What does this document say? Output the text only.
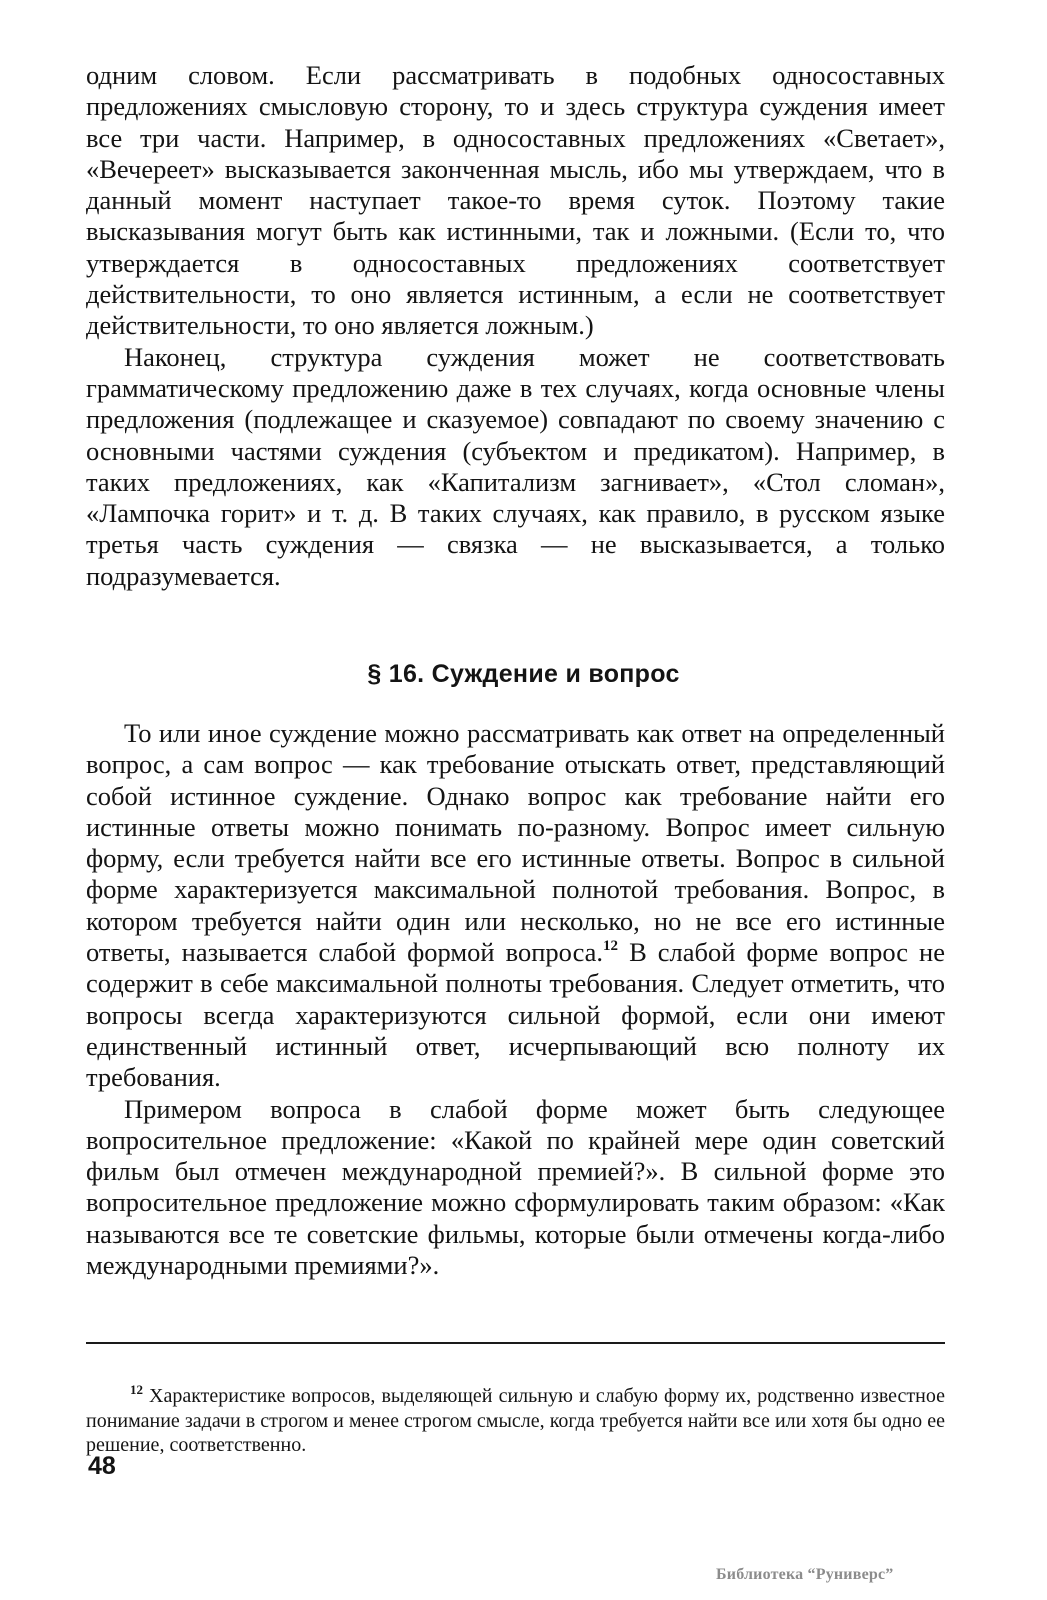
одним словом. Если рассматривать в подобных односоставных предложениях смысловую сторону, то и здесь структура суждения имеет все три части. Например, в односоставных предложениях «Светает», «Вечереет» высказывается законченная мысль, ибо мы утверждаем, что в данный момент наступает такое-то время суток. Поэтому такие высказывания могут быть как истинными, так и ложными. (Если то, что утверждается в односоставных предложениях соответствует действительности, то оно является истинным, а если не соответствует действительности, то оно является ложным.)

Наконец, структура суждения может не соответствовать грамматическому предложению даже в тех случаях, когда основные члены предложения (подлежащее и сказуемое) совпадают по своему значению с основными частями суждения (субъектом и предикатом). Например, в таких предложениях, как «Капитализм загнивает», «Стол сломан», «Лампочка горит» и т. д. В таких случаях, как правило, в русском языке третья часть суждения — связка — не высказывается, а только подразумевается.

§ 16. Суждение и вопрос

То или иное суждение можно рассматривать как ответ на определенный вопрос, а сам вопрос — как требование отыскать ответ, представляющий собой истинное суждение. Однако вопрос как требование найти его истинные ответы можно понимать по-разному. Вопрос имеет сильную форму, если требуется найти все его истинные ответы. Вопрос в сильной форме характеризуется максимальной полнотой требования. Вопрос, в котором требуется найти один или несколько, но не все его истинные ответы, называется слабой формой вопроса.$^{12}$ В слабой форме вопрос не содержит в себе максимальной полноты требования. Следует отметить, что вопросы всегда характеризуются сильной формой, если они имеют единственный истинный ответ, исчерпывающий всю полноту их требования.

Примером вопроса в слабой форме может быть следующее вопросительное предложение: «Какой по крайней мере один советский фильм был отмечен международной премией?». В сильной форме это вопросительное предложение можно сформулировать таким образом: «Как называются все те советские фильмы, которые были отмечены когда-либо международными премиями?».

$^{12}$ Характеристике вопросов, выделяющей сильную и слабую форму их, родственно известное понимание задачи в строгом и менее строгом смысле, когда требуется найти все или хотя бы одно ее решение, соответственно.

48
Библиотека “Руниверс”
